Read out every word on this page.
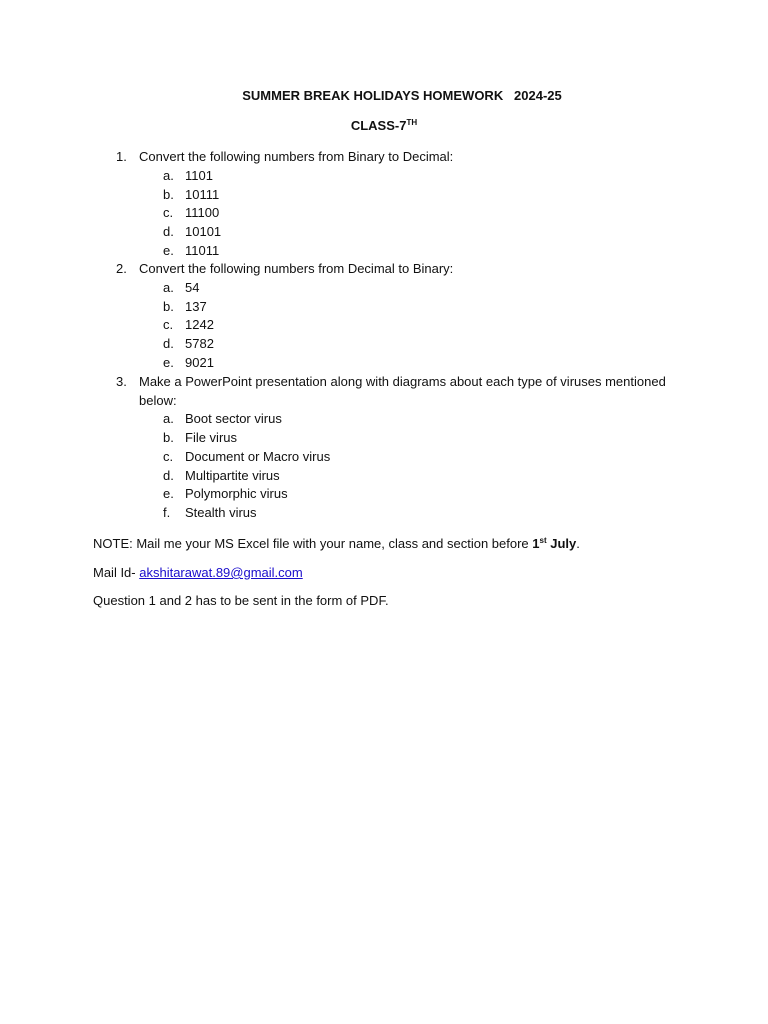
SUMMER BREAK HOLIDAYS HOMEWORK   2024-25
CLASS-7TH
1. Convert the following numbers from Binary to Decimal:
a. 1101
b. 10111
c. 11100
d. 10101
e. 11011
2. Convert the following numbers from Decimal to Binary:
a. 54
b. 137
c. 1242
d. 5782
e. 9021
3. Make a PowerPoint presentation along with diagrams about each type of viruses mentioned below:
a. Boot sector virus
b. File virus
c. Document or Macro virus
d. Multipartite virus
e. Polymorphic virus
f. Stealth virus
NOTE: Mail me your MS Excel file with your name, class and section before 1st July.
Mail Id- akshitarawat.89@gmail.com
Question 1 and 2 has to be sent in the form of PDF.
